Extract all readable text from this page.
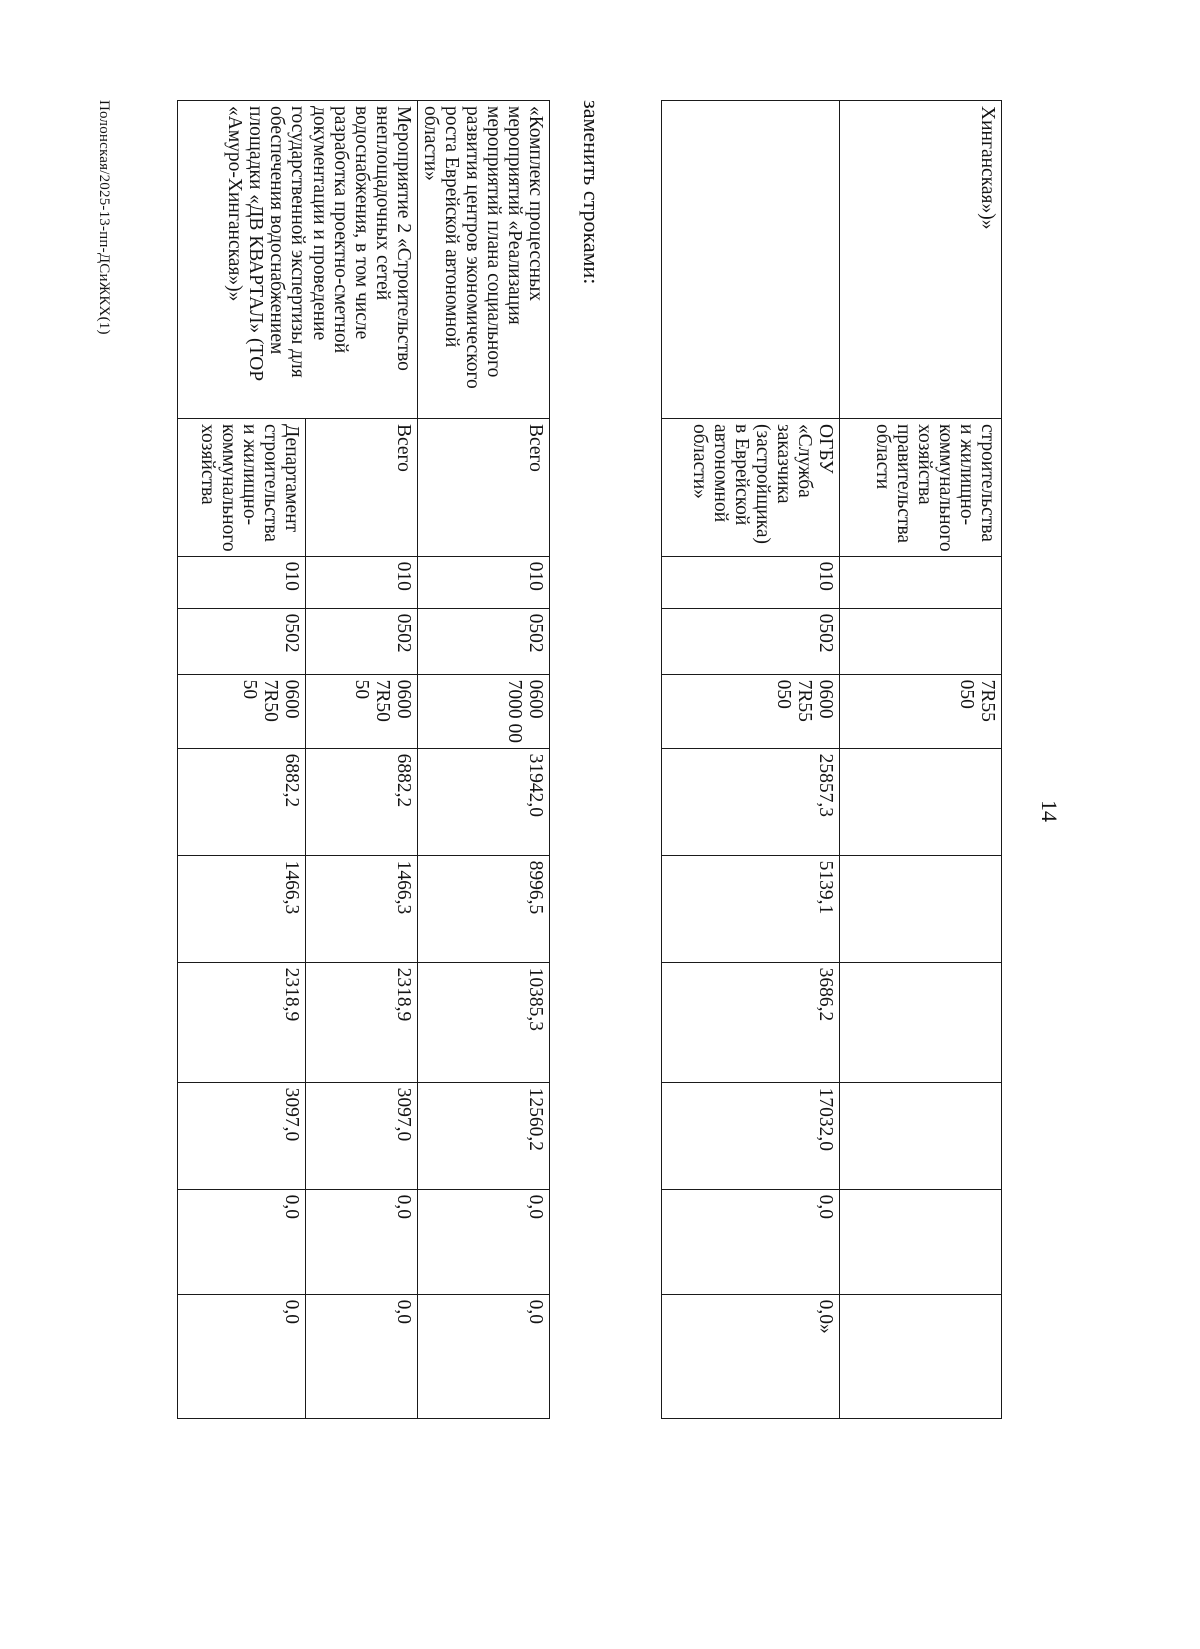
14
Хинганская»)»	строительства и жилищно-коммунального хозяйства правительства области			7R55 050						
	ОГБУ «Служба заказчика (застройщика) в Еврейской автономной области»	010	0502	0600 7R55 050	25857,3	5139,1	3686,2	17032,0	0,0	0,0»
заменить строками:
«Комплекс процессных мероприятий «Реализация мероприятий плана социального развития центров экономического роста Еврейской автономной области»	Всего	010	0502	0600 7000 00	31942,0	8996,5	10385,3	12560,2	0,0	0,0
Мероприятие 2 «Строительство внеплощадочных сетей водоснабжения, в том числе разработка проектно-сметной документации и проведение государственной экспертизы для обеспечения водоснабжением площадки «ДВ КВАРТАЛ» (ТОР «Амуро-Хинганская»)»	Всего	010	0502	0600 7R50 50	6882,2	1466,3	2318,9	3097,0	0,0	0,0
	Департамент строительства и жилищно-коммунального хозяйства	010	0502	0600 7R50 50	6882,2	1466,3	2318,9	3097,0	0,0	0,0
Полонская/2025-13-пп-ДСиЖКХ(1)
